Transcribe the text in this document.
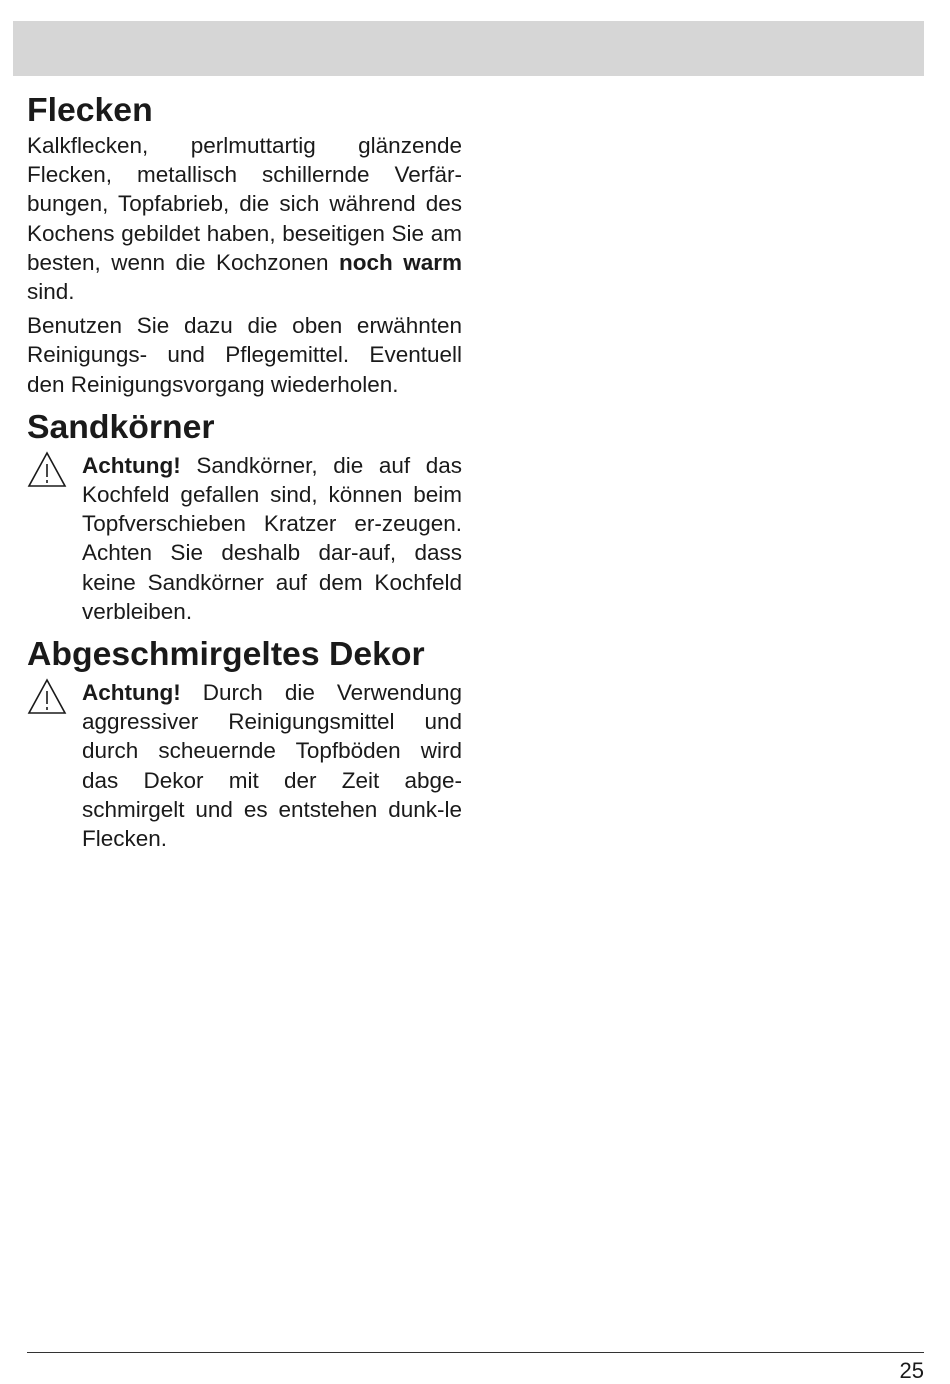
Flecken

Kalkflecken, perlmuttartig glänzende Flecken, metallisch schillernde Verfär-bungen, Topfabrieb, die sich während des Kochens gebildet haben, beseitigen Sie am besten, wenn die Kochzonen noch warm sind.

Benutzen Sie dazu die oben erwähnten Reinigungs- und Pflegemittel. Eventuell den Reinigungsvorgang wiederholen.

Sandkörner

Achtung! Sandkörner, die auf das Kochfeld gefallen sind, können beim Topfverschieben Kratzer er-zeugen. Achten Sie deshalb dar-auf, dass keine Sandkörner auf dem Kochfeld verbleiben.

Abgeschmirgeltes Dekor

Achtung! Durch die Verwendung aggressiver Reinigungsmittel und durch scheuernde Topfböden wird das Dekor mit der Zeit abge-schmirgelt und es entstehen dunk-le Flecken.

25
